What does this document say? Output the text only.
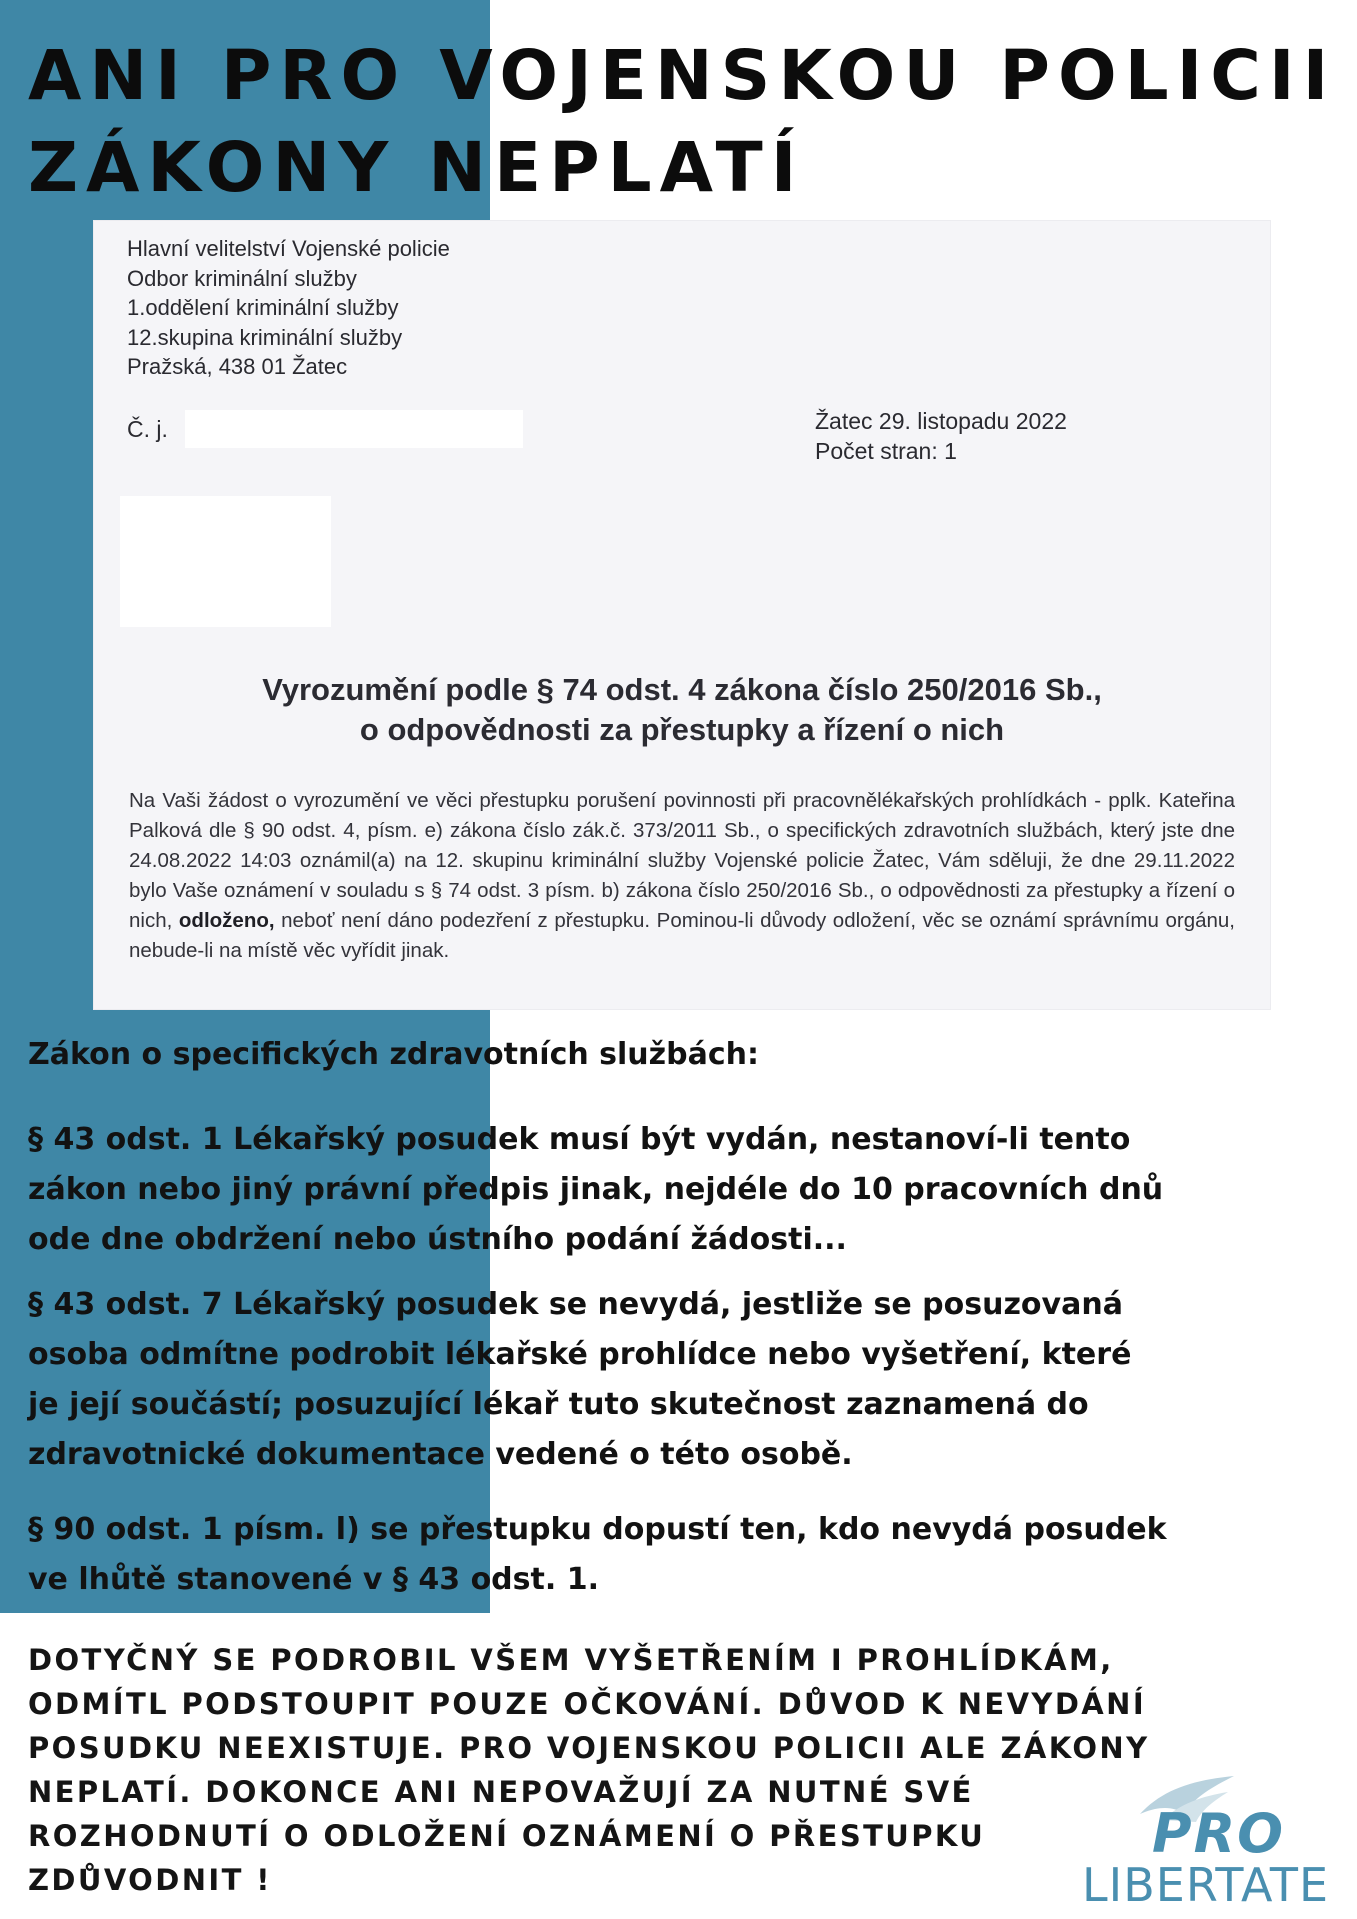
ANI PRO VOJENSKOU POLICII
ZÁKONY NEPLATÍ
Hlavní velitelství Vojenské policie
Odbor kriminální služby
1.oddělení kriminální služby
12.skupina kriminální služby
Pražská, 438 01 Žatec
Č. j.	Žatec 29. listopadu 2022
Počet stran: 1
Vyrozumění podle § 74 odst. 4 zákona číslo 250/2016 Sb.,
o odpovědnosti za přestupky a řízení o nich
Na Vaši žádost o vyrozumění ve věci přestupku porušení povinnosti při pracovnělékařských prohlídkách - pplk. Kateřina Palková dle § 90 odst. 4, písm. e) zákona číslo zák.č. 373/2011 Sb., o specifických zdravotních službách, který jste dne 24.08.2022 14:03 oznámil(a) na 12. skupinu kriminální služby Vojenské policie Žatec, Vám sděluji, že dne 29.11.2022 bylo Vaše oznámení v souladu s § 74 odst. 3 písm. b) zákona číslo 250/2016 Sb., o odpovědnosti za přestupky a řízení o nich, odloženo, neboť není dáno podezření z přestupku. Pominou-li důvody odložení, věc se oznámí správnímu orgánu, nebude-li na místě věc vyřídit jinak.
Zákon o specifických zdravotních službách:
§ 43 odst. 1 Lékařský posudek musí být vydán, nestanoví-li tento
zákon nebo jiný právní předpis jinak, nejdéle do 10 pracovních dnů
ode dne obdržení nebo ústního podání žádosti...
§ 43 odst. 7 Lékařský posudek se nevydá, jestliže se posuzovaná
osoba odmítne podrobit lékařské prohlídce nebo vyšetření, které
je její součástí; posuzující lékař tuto skutečnost zaznamená do
zdravotnické dokumentace vedené o této osobě.
§ 90 odst. 1 písm. l) se přestupku dopustí ten, kdo nevydá posudek
ve lhůtě stanovené v § 43 odst. 1.
DOTYČNÝ SE PODROBIL VŠEM VYŠETŘENÍM I PROHLÍDKÁM,
ODMÍTL PODSTOUPIT POUZE OČKOVÁNÍ. DŮVOD K NEVYDÁNÍ
POSUDKU NEEXISTUJE. PRO VOJENSKOU POLICII ALE ZÁKONY
NEPLATÍ. DOKONCE ANI NEPOVAŽUJÍ ZA NUTNÉ SVÉ
ROZHODNUTÍ O ODLOŽENÍ OZNÁMENÍ O PŘESTUPKU
ZDŮVODNIT !
PRO
LIBERTATE
